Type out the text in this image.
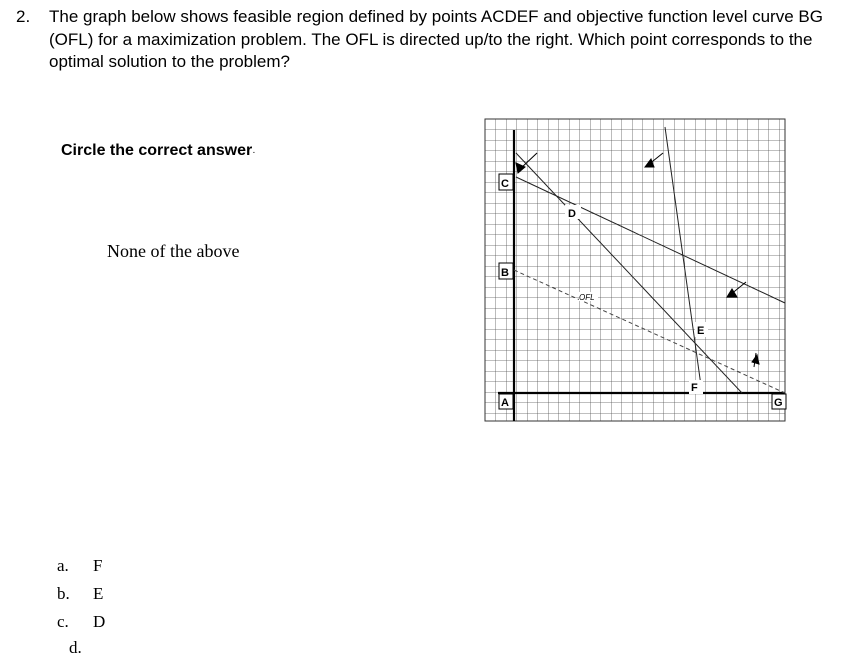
2. The graph below shows feasible region defined by points ACDEF and objective function level curve BG (OFL) for a maximization problem. The OFL is directed up/to the right. Which point corresponds to the optimal solution to the problem?
Circle the correct answer·
None of the above
C
D
B
E
F
A	G
OFL
a. F
b. E
c. D
d.
